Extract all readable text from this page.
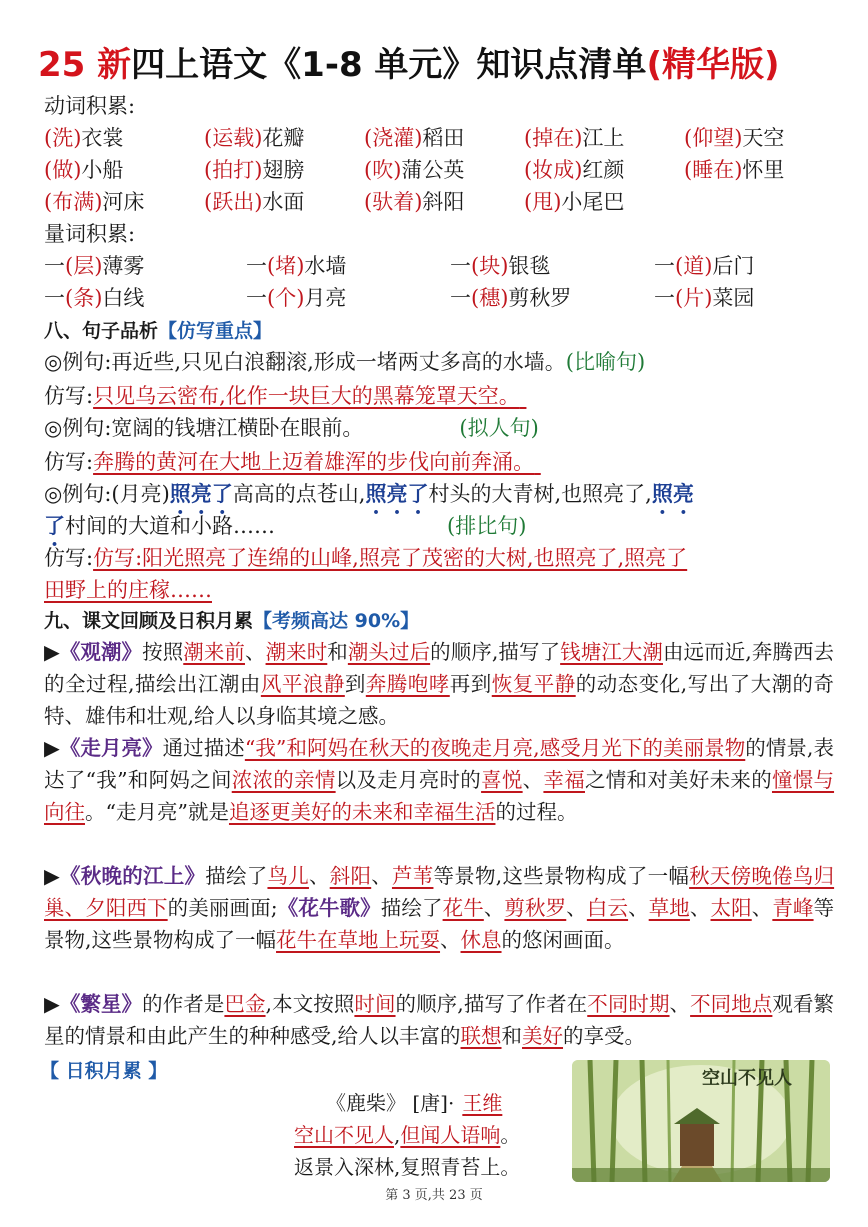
25 新四上语文《1-8 单元》知识点清单(精华版)
动词积累:
(洗)衣裳	(运载)花瓣	(浇灌)稻田	(掉在)江上	(仰望)天空
(做)小船	(拍打)翅膀	(吹)蒲公英	(妆成)红颜	(睡在)怀里
(布满)河床	(跃出)水面	(驮着)斜阳	(甩)小尾巴
量词积累:
一(层)薄雾	一(堵)水墙	一(块)银毯	一(道)后门
一(条)白线	一(个)月亮	一(穗)剪秋罗	一(片)菜园
八、句子品析【仿写重点】
◎例句:再近些,只见白浪翻滚,形成一堵两丈多高的水墙。(比喻句)
仿写:只见乌云密布,化作一块巨大的黑幕笼罩天空。
◎例句:宽阔的钱塘江横卧在眼前。	(拟人句)
仿写:奔腾的黄河在大地上迈着雄浑的步伐向前奔涌。
◎例句:(月亮)照亮了高高的点苍山,照亮了村头的大青树,也照亮了,照亮
了村间的大道和小路……	(排比句)
仿写:仿写:阳光照亮了连绵的山峰,照亮了茂密的大树,也照亮了,照亮了
田野上的庄稼……
九、课文回顾及日积月累【考频高达 90%】
▶《观潮》按照潮来前、潮来时和潮头过后的顺序,描写了钱塘江大潮由远而近,奔腾西去的全过程,描绘出江潮由风平浪静到奔腾咆哮再到恢复平静的动态变化,写出了大潮的奇特、雄伟和壮观,给人以身临其境之感。
▶《走月亮》通过描述“我”和阿妈在秋天的夜晚走月亮,感受月光下的美丽景物的情景,表达了“我”和阿妈之间浓浓的亲情以及走月亮时的喜悦、幸福之情和对美好未来的憧憬与向往。“走月亮”就是追逐更美好的未来和幸福生活的过程。
▶《秋晚的江上》描绘了鸟儿、斜阳、芦苇等景物,这些景物构成了一幅秋天傍晚倦鸟归巢、夕阳西下的美丽画面;《花牛歌》描绘了花牛、剪秋罗、白云、草地、太阳、青峰等景物,这些景物构成了一幅花牛在草地上玩耍、休息的悠闲画面。
▶《繁星》的作者是巴金,本文按照时间的顺序,描写了作者在不同时期、不同地点观看繁星的情景和由此产生的种种感受,给人以丰富的联想和美好的享受。
【 日积月累 】
《鹿柴》 [唐]· 王维
空山不见人,但闻人语响。
返景入深林,复照青苔上。
空山不见人
第 3 页,共 23 页
